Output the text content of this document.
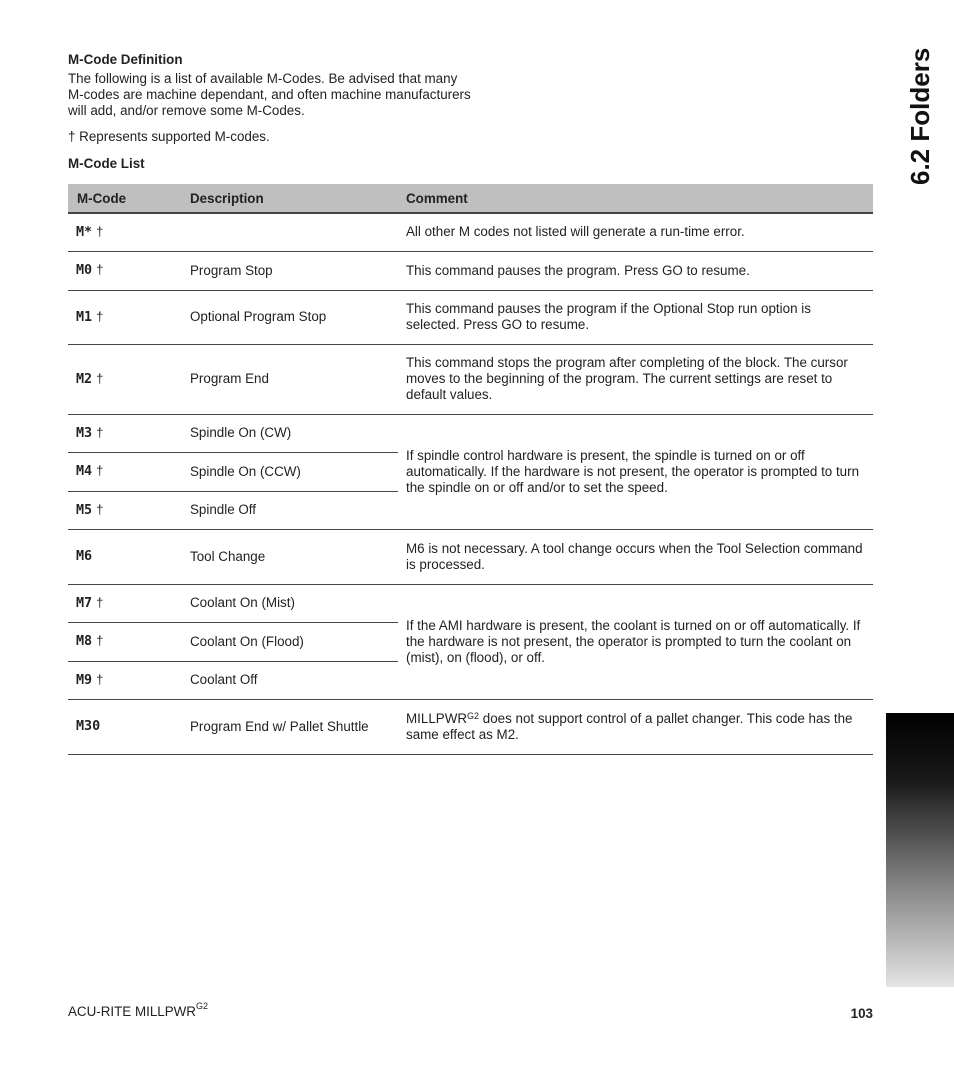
M-Code Definition
The following is a list of available M-Codes. Be advised that many
M-codes are machine dependant, and often machine manufacturers
will add, and/or remove some M-Codes.
† Represents supported M-codes.
M-Code List
M-Code	Description	Comment
M* †		All other M codes not listed will generate a run-time error.
M0 †	Program Stop	This command pauses the program. Press GO to resume.
M1 †	Optional Program Stop	This command pauses the program if the Optional Stop run option is selected. Press GO to resume.
M2 †	Program End	This command stops the program after completing of the block. The cursor moves to the beginning of the program. The current settings are reset to default values.
M3 †	Spindle On (CW)	If spindle control hardware is present, the spindle is turned on or off automatically. If the hardware is not present, the operator is prompted to turn the spindle on or off and/or to set the speed.
M4 †	Spindle On (CCW)	
M5 †	Spindle Off	
M6	Tool Change	M6 is not necessary. A tool change occurs when the Tool Selection command is processed.
M7 †	Coolant On (Mist)	If the AMI hardware is present, the coolant is turned on or off automatically. If the hardware is not present, the operator is prompted to turn the coolant on (mist), on (flood), or off.
M8 †	Coolant On (Flood)	
M9 †	Coolant Off	
M30	Program End w/ Pallet Shuttle	$MILLPWR^{G2}$ does not support control of a pallet changer. This code has the same effect as M2.
6.2 Folders
ACU-RITE $MILLPWR^{G2}$	103
